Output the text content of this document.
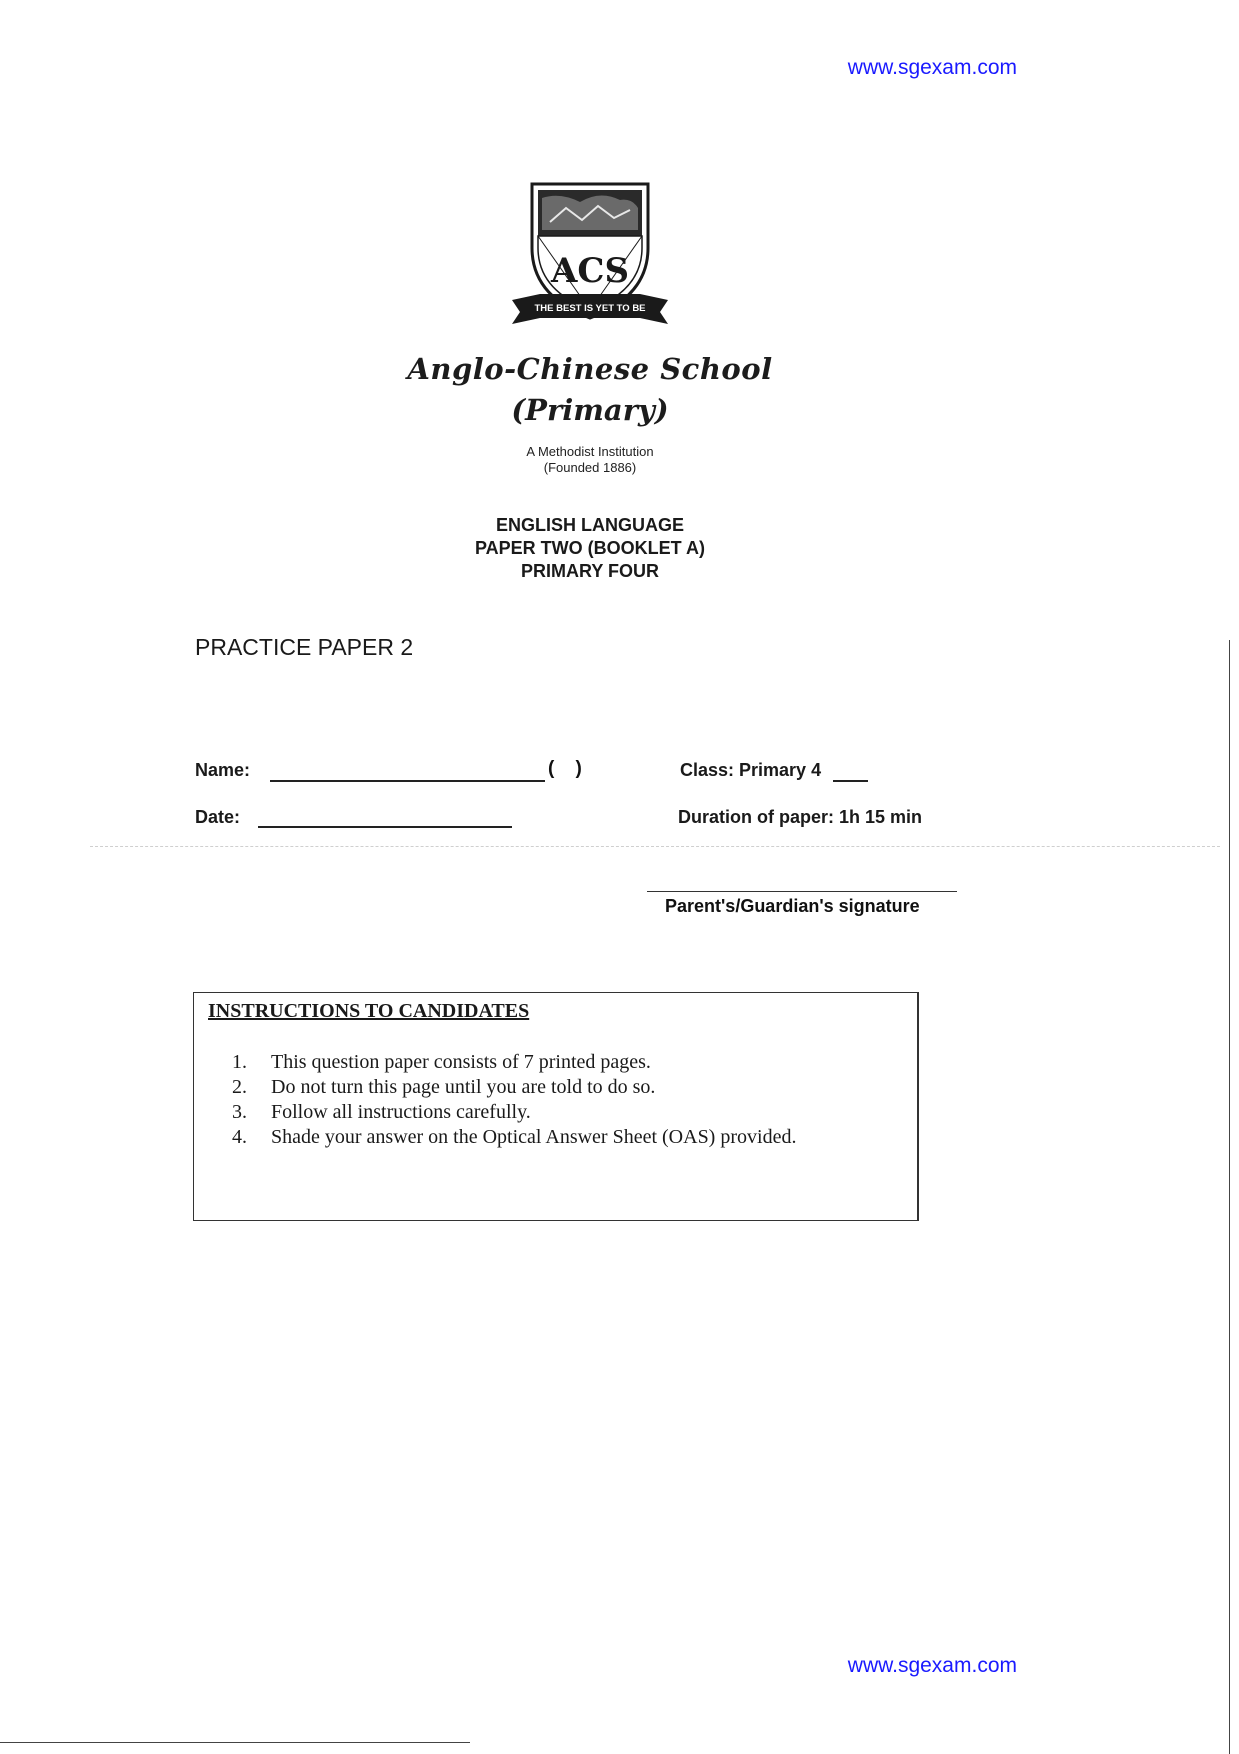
www.sgexam.com
ACS
THE BEST IS YET TO BE
Anglo-Chinese School
(Primary)
A Methodist Institution
(Founded 1886)
ENGLISH LANGUAGE
PAPER TWO (BOOKLET A)
PRIMARY FOUR
PRACTICE PAPER 2
Name:	(    )	Class: Primary 4
Date:	Duration of paper: 1h 15 min
Parent's/Guardian's signature
INSTRUCTIONS TO CANDIDATES
1.	This question paper consists of 7 printed pages.
2.	Do not turn this page until you are told to do so.
3.	Follow all instructions carefully.
4.	Shade your answer on the Optical Answer Sheet (OAS) provided.
www.sgexam.com
